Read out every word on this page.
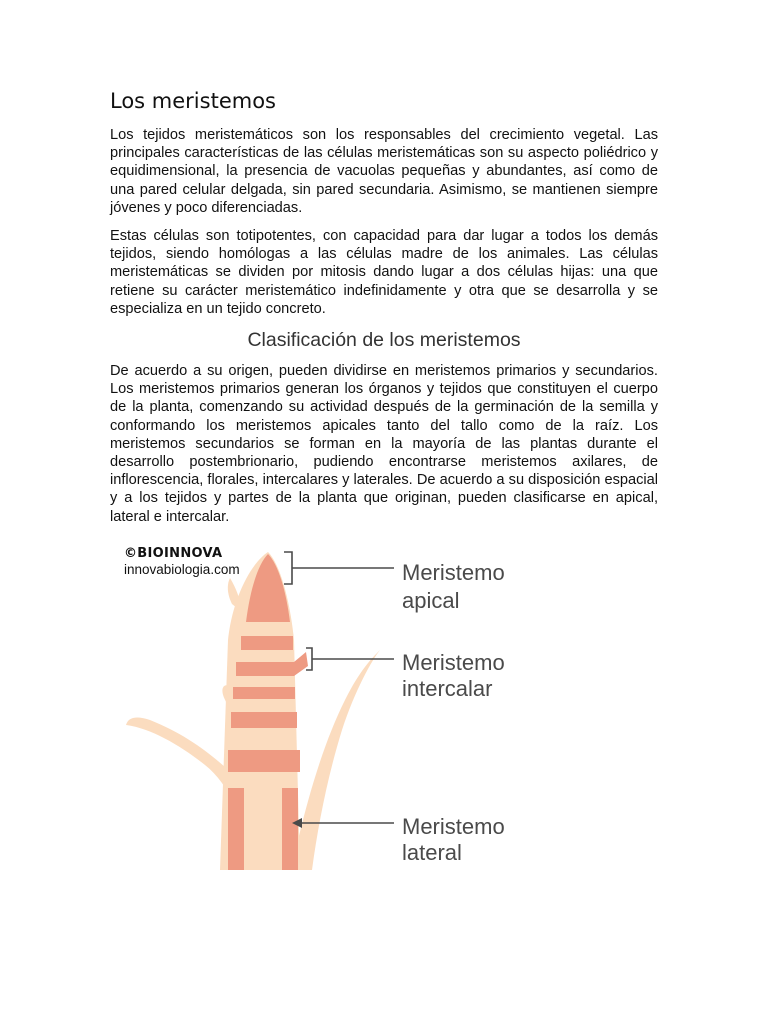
Los meristemos

Los tejidos meristemáticos son los responsables del crecimiento vegetal. Las principales características de las células meristemáticas son su aspecto poliédrico y equidimensional, la presencia de vacuolas pequeñas y abundantes, así como de una pared celular delgada, sin pared secundaria. Asimismo, se mantienen siempre jóvenes y poco diferenciadas.

Estas células son totipotentes, con capacidad para dar lugar a todos los demás tejidos, siendo homólogas a las células madre de los animales. Las células meristemáticas se dividen por mitosis dando lugar a dos células hijas: una que retiene su carácter meristemático indefinidamente y otra que se desarrolla y se especializa en un tejido concreto.

Clasificación de los meristemos

De acuerdo a su origen, pueden dividirse en meristemos primarios y secundarios. Los meristemos primarios generan los órganos y tejidos que constituyen el cuerpo de la planta, comenzando su actividad después de la germinación de la semilla y conformando los meristemos apicales tanto del tallo como de la raíz. Los meristemos secundarios se forman en la mayoría de las plantas durante el desarrollo postembrionario, pudiendo encontrarse meristemos axilares, de inflorescencia, florales, intercalares y laterales. De acuerdo a su disposición espacial y a los tejidos y partes de la planta que originan, pueden clasificarse en apical, lateral e intercalar.

Meristemo
apical
Meristemo
intercalar
Meristemo
lateral
©BIOINNOVA
innovabiologia.com
